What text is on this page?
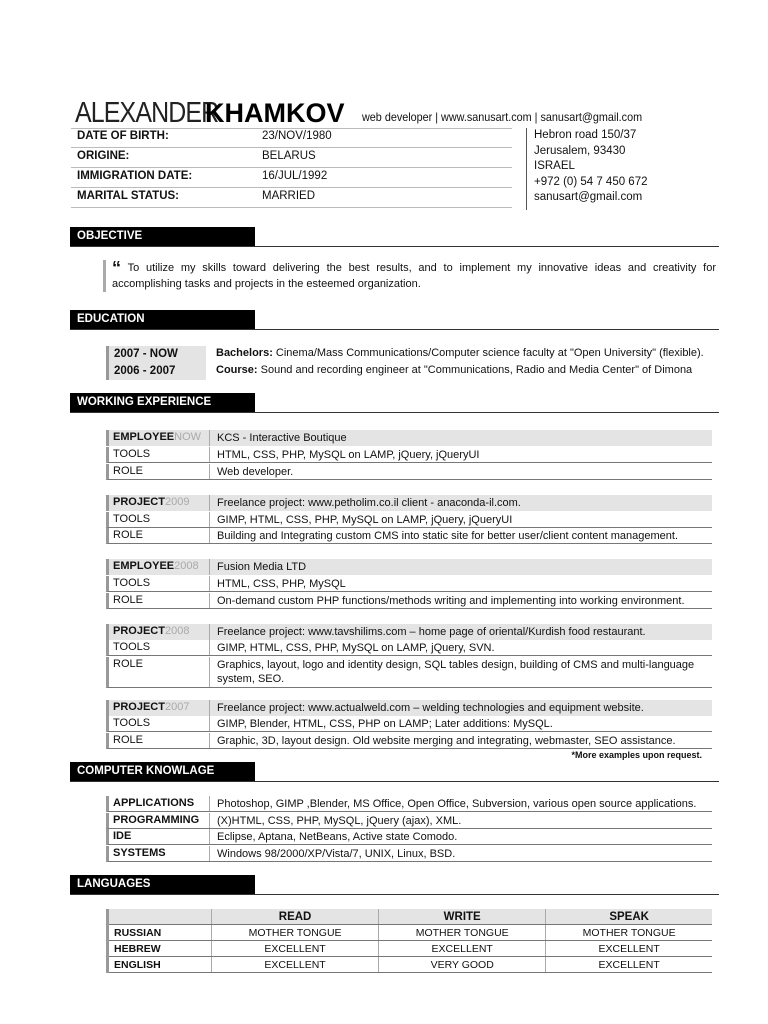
ALEXANDER
KHAMKOV web developer | www.sanusart.com | sanusart@gmail.com
DATE OF BIRTH:	23/NOV/1980
ORIGINE:	BELARUS
IMMIGRATION DATE:	16/JUL/1992
MARITAL STATUS:	MARRIED
Hebron road 150/37
Jerusalem, 93430
ISRAEL
+972 (0) 54 7 450 672
sanusart@gmail.com
OBJECTIVE
“ To utilize my skills toward delivering the best results, and to implement my innovative ideas and creativity for accomplishing tasks and projects in the esteemed organization.
EDUCATION
2007 - NOW	Bachelors: Cinema/Mass Communications/Computer science faculty at "Open University" (flexible).
2006 - 2007	Course: Sound and recording engineer at "Communications, Radio and Media Center" of Dimona
WORKING EXPERIENCE
EMPLOYEENOW	KCS - Interactive Boutique
TOOLS	HTML, CSS, PHP, MySQL on LAMP, jQuery, jQueryUI
ROLE	Web developer.
PROJECT2009	Freelance project: www.petholim.co.il client - anaconda-il.com.
TOOLS	GIMP, HTML, CSS, PHP, MySQL on LAMP, jQuery, jQueryUI
ROLE	Building and Integrating custom CMS into static site for better user/client content management.
EMPLOYEE2008	Fusion Media LTD
TOOLS	HTML, CSS, PHP, MySQL
ROLE	On-demand custom PHP functions/methods writing and implementing into working environment.
PROJECT2008	Freelance project: www.tavshilims.com – home page of oriental/Kurdish food restaurant.
TOOLS	GIMP, HTML, CSS, PHP, MySQL on LAMP, jQuery, SVN.
ROLE	Graphics, layout, logo and identity design, SQL tables design, building of CMS and multi-language system, SEO.
PROJECT2007	Freelance project: www.actualweld.com – welding technologies and equipment website.
TOOLS	GIMP, Blender, HTML, CSS, PHP on LAMP; Later additions: MySQL.
ROLE	Graphic, 3D, layout design. Old website merging and integrating, webmaster, SEO assistance.
*More examples upon request.
COMPUTER KNOWLAGE
APPLICATIONS	Photoshop, GIMP ,Blender, MS Office, Open Office, Subversion, various open source applications.
PROGRAMMING	(X)HTML, CSS, PHP, MySQL, jQuery (ajax), XML.
IDE	Eclipse, Aptana, NetBeans, Active state Comodo.
SYSTEMS	Windows 98/2000/XP/Vista/7, UNIX, Linux, BSD.
LANGUAGES
	READ	WRITE	SPEAK
RUSSIAN	MOTHER TONGUE	MOTHER TONGUE	MOTHER TONGUE
HEBREW	EXCELLENT	EXCELLENT	EXCELLENT
ENGLISH	EXCELLENT	VERY GOOD	EXCELLENT
